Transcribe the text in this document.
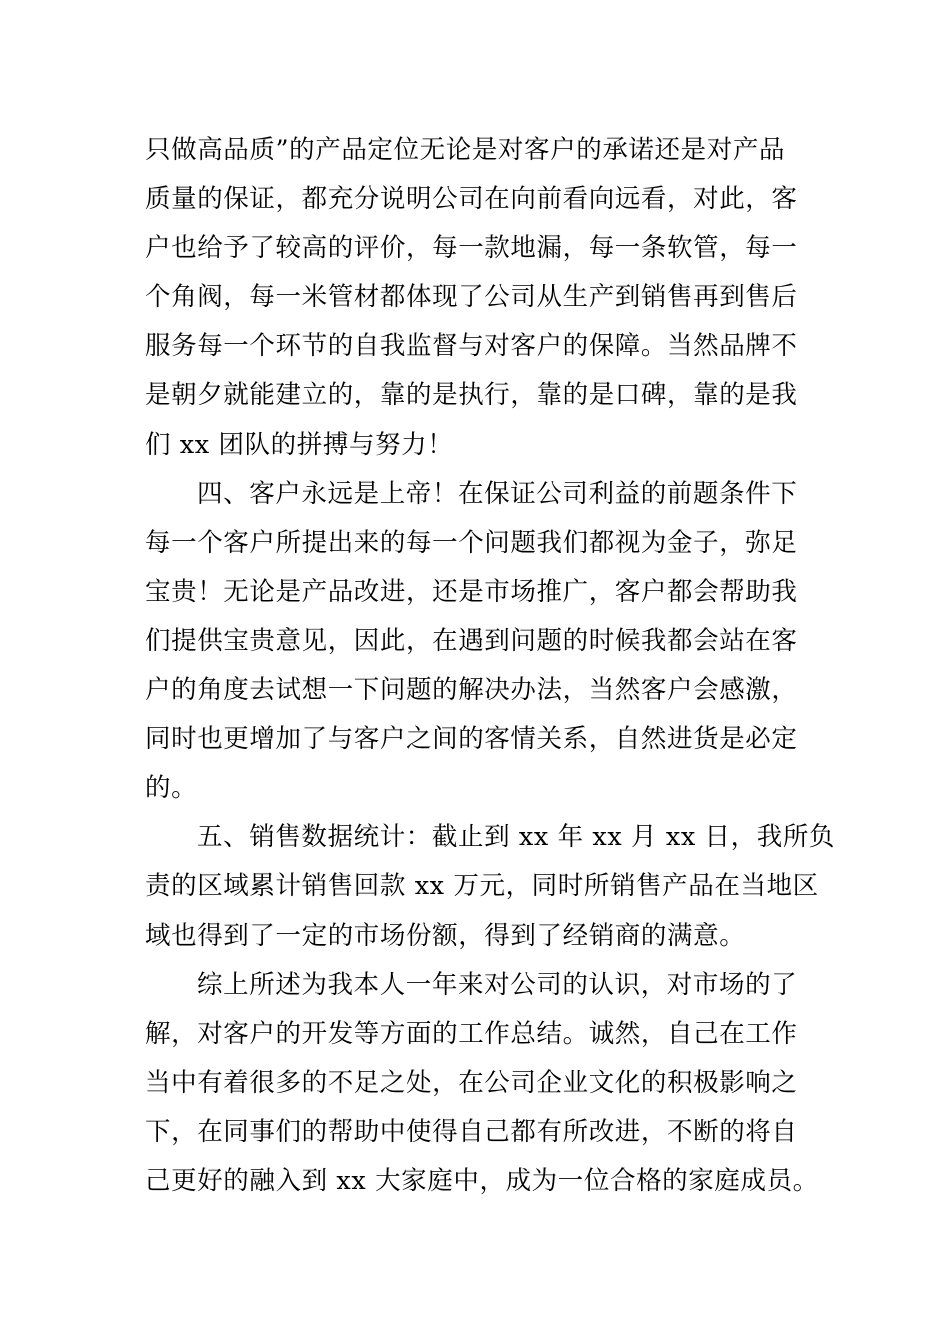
只做高品质”的产品定位无论是对客户的承诺还是对产品
质量的保证，都充分说明公司在向前看向远看，对此，客
户也给予了较高的评价，每一款地漏，每一条软管，每一
个角阀，每一米管材都体现了公司从生产到销售再到售后
服务每一个环节的自我监督与对客户的保障。当然品牌不
是朝夕就能建立的，靠的是执行，靠的是口碑，靠的是我
们 xx 团队的拼搏与努力！
四、客户永远是上帝！在保证公司利益的前题条件下
每一个客户所提出来的每一个问题我们都视为金子，弥足
宝贵！无论是产品改进，还是市场推广，客户都会帮助我
们提供宝贵意见，因此，在遇到问题的时候我都会站在客
户的角度去试想一下问题的解决办法，当然客户会感激，
同时也更增加了与客户之间的客情关系，自然进货是必定
的。
五、销售数据统计：截止到 xx 年 xx 月 xx 日，我所负
责的区域累计销售回款 xx 万元，同时所销售产品在当地区
域也得到了一定的市场份额，得到了经销商的满意。
综上所述为我本人一年来对公司的认识，对市场的了
解，对客户的开发等方面的工作总结。诚然，自己在工作
当中有着很多的不足之处，在公司企业文化的积极影响之
下，在同事们的帮助中使得自己都有所改进，不断的将自
己更好的融入到 xx 大家庭中，成为一位合格的家庭成员。
